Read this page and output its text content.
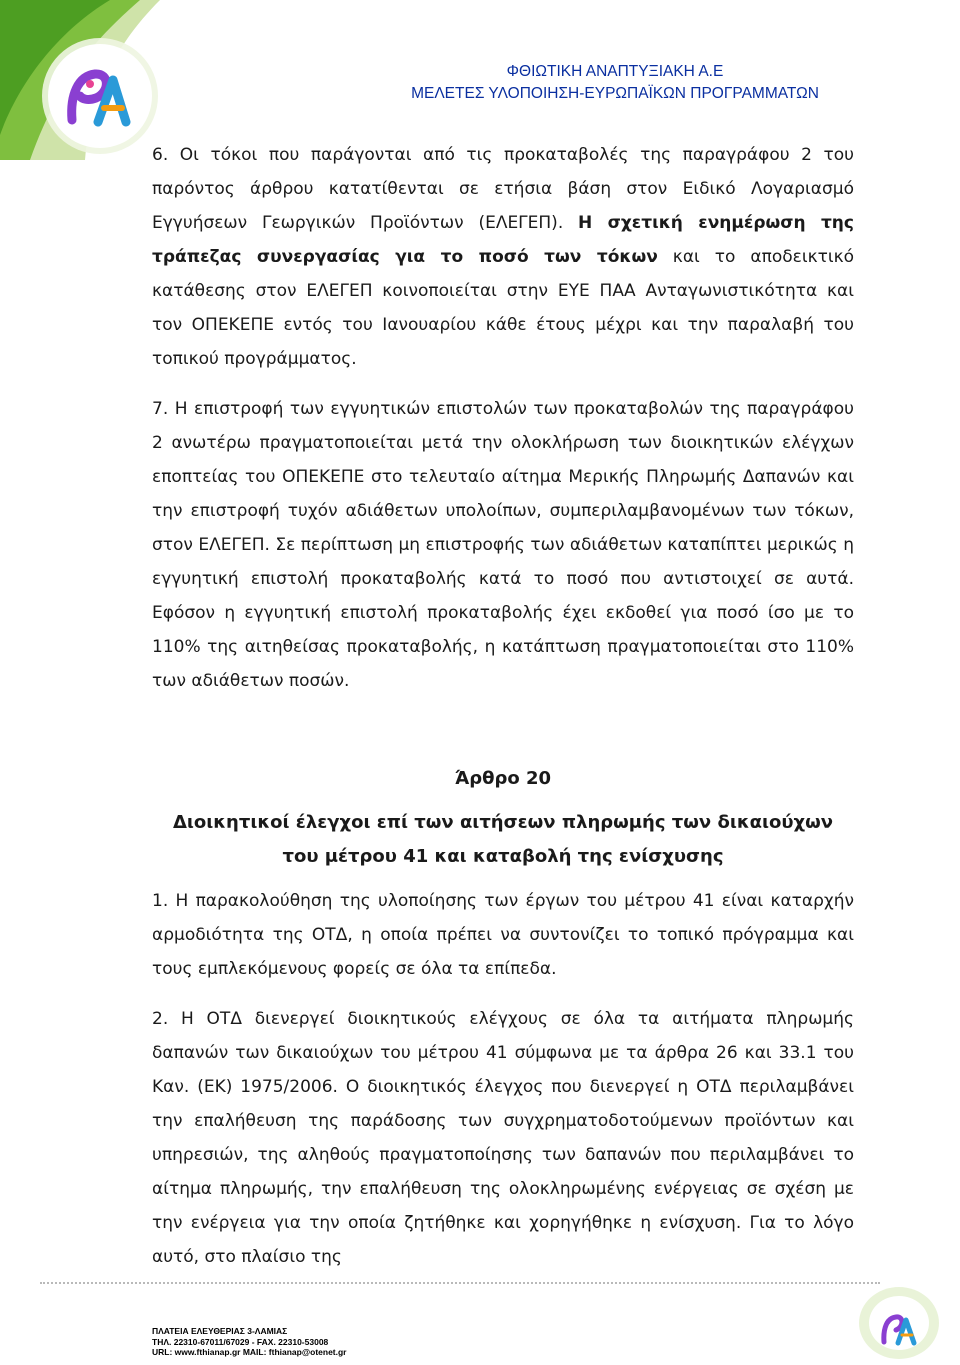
ΦΘΙΩΤΙΚΗ ΑΝΑΠΤΥΞΙΑΚΗ Α.Ε
ΜΕΛΕΤΕΣ ΥΛΟΠΟΙΗΣΗ-ΕΥΡΩΠΑΪΚΩΝ ΠΡΟΓΡΑΜΜΑΤΩΝ

6. Οι τόκοι που παράγονται από τις προκαταβολές της παραγράφου 2 του παρόντος άρθρου κατατίθενται σε ετήσια βάση στον Ειδικό Λογαριασμό Εγγυήσεων Γεωργικών Προϊόντων (ΕΛΕΓΕΠ). Η σχετική ενημέρωση της τράπεζας συνεργασίας για το ποσό των τόκων και το αποδεικτικό κατάθεσης στον ΕΛΕΓΕΠ κοινοποιείται στην ΕΥΕ ΠΑΑ Ανταγωνιστικότητα και τον ΟΠΕΚΕΠΕ εντός του Ιανουαρίου κάθε έτους μέχρι και την παραλαβή του τοπικού προγράμματος.

7. Η επιστροφή των εγγυητικών επιστολών των προκαταβολών της παραγράφου 2 ανωτέρω πραγματοποιείται μετά την ολοκλήρωση των διοικητικών ελέγχων εποπτείας του ΟΠΕΚΕΠΕ στο τελευταίο αίτημα Μερικής Πληρωμής Δαπανών και την επιστροφή τυχόν αδιάθετων υπολοίπων, συμπεριλαμβανομένων των τόκων, στον ΕΛΕΓΕΠ. Σε περίπτωση μη επιστροφής των αδιάθετων καταπίπτει μερικώς η εγγυητική επιστολή προκαταβολής κατά το ποσό που αντιστοιχεί σε αυτά. Εφόσον η εγγυητική επιστολή προκαταβολής έχει εκδοθεί για ποσό ίσο με το 110% της αιτηθείσας προκαταβολής, η κατάπτωση πραγματοποιείται στο 110% των αδιάθετων ποσών.

Άρθρο 20

Διοικητικοί έλεγχοι επί των αιτήσεων πληρωμής των δικαιούχων

του μέτρου 41 και καταβολή της ενίσχυσης

1. Η παρακολούθηση της υλοποίησης των έργων του μέτρου 41 είναι καταρχήν αρμοδιότητα της ΟΤΔ, η οποία πρέπει να συντονίζει το τοπικό πρόγραμμα και τους εμπλεκόμενους φορείς σε όλα τα επίπεδα.

2. Η ΟΤΔ διενεργεί διοικητικούς ελέγχους σε όλα τα αιτήματα πληρωμής δαπανών των δικαιούχων του μέτρου 41 σύμφωνα με τα άρθρα 26 και 33.1 του Καν. (ΕΚ) 1975/2006. Ο διοικητικός έλεγχος που διενεργεί η ΟΤΔ περιλαμβάνει την επαλήθευση της παράδοσης των συγχρηματοδοτούμενων προϊόντων και υπηρεσιών, της αληθούς πραγματοποίησης των δαπανών που περιλαμβάνει το αίτημα πληρωμής, την επαλήθευση της ολοκληρωμένης ενέργειας σε σχέση με την ενέργεια για την οποία ζητήθηκε και χορηγήθηκε η ενίσχυση. Για το λόγο αυτό, στο πλαίσιο της

ΠΛΑΤΕΙΑ ΕΛΕΥΘΕΡΙΑΣ 3-ΛΑΜΙΑΣ
ΤΗΛ. 22310-67011/67029 - FAX. 22310-53008
URL: www.fthianap.gr MAIL: fthianap@otenet.gr
